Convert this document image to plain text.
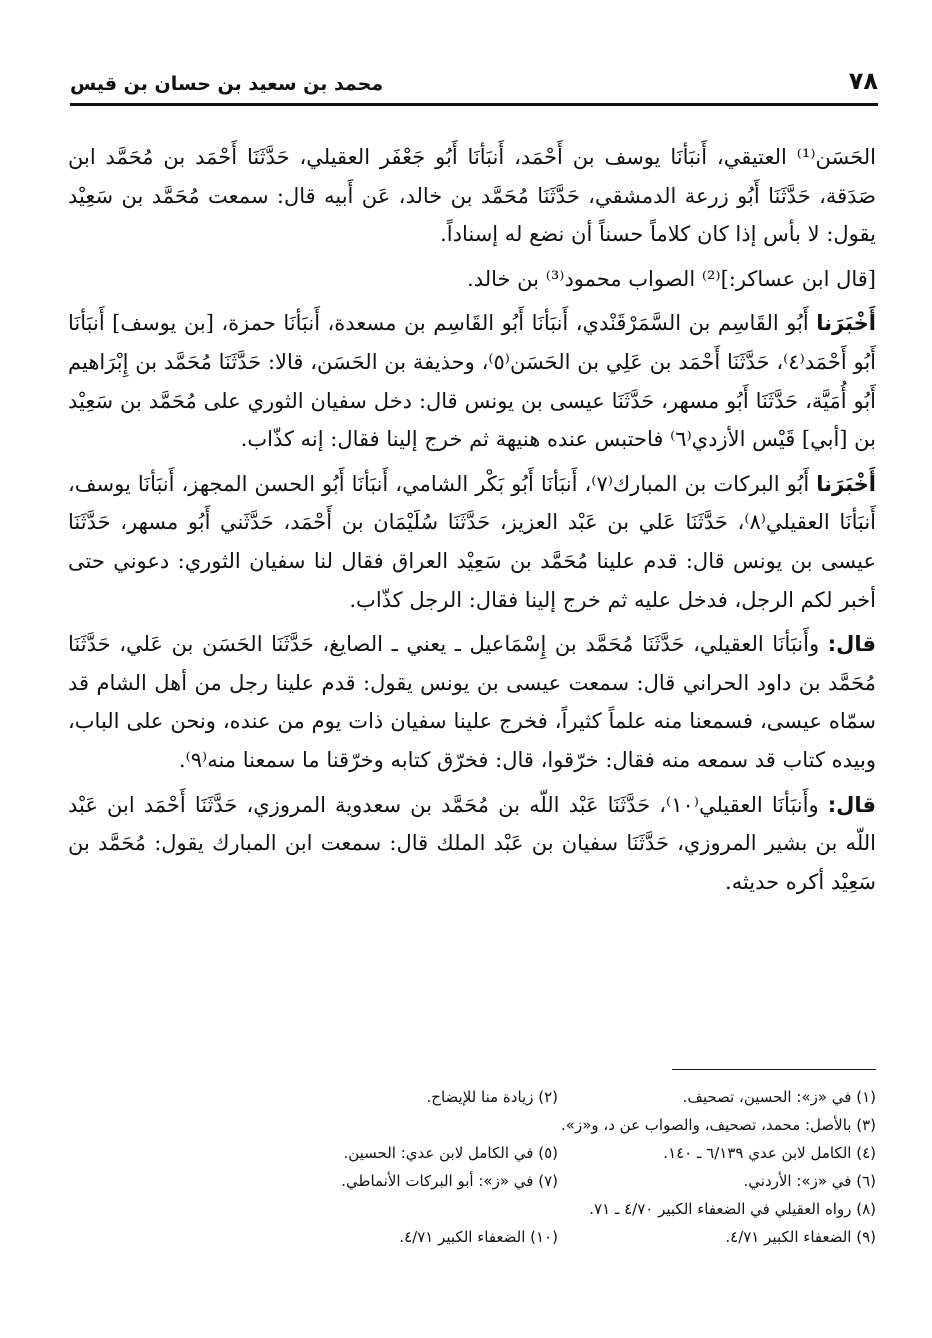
٧٨
محمد بن سعيد بن حسان بن قيس

الحَسَن⁽¹⁾ العتيقي، أَنبَأنَا يوسف بن أَحْمَد، أَنبَأنَا أَبُو جَعْفَر العقيلي، حَدَّثَنَا أَحْمَد بن مُحَمَّد ابن صَدَقة، حَدَّثَنَا أَبُو زرعة الدمشقي، حَدَّثَنَا مُحَمَّد بن خالد، عَن أَبيه قال: سمعت مُحَمَّد بن سَعِيْد يقول: لا بأس إذا كان كلاماً حسناً أن نضع له إسناداً.

[قال ابن عساكر:]⁽²⁾ الصواب محمود⁽³⁾ بن خالد.

أَخْبَرَنا أَبُو القَاسِم بن السَّمَرْقَنْدي، أَنبَأنَا أَبُو القَاسِم بن مسعدة، أَنبَأنَا حمزة، [بن يوسف] أَنبَأنَا أَبُو أَحْمَد⁽٤⁾، حَدَّثَنَا أَحْمَد بن عَلِي بن الحَسَن⁽٥⁾، وحذيفة بن الحَسَن، قالا: حَدَّثَنَا مُحَمَّد بن إِبْرَاهيم أَبُو أُمَيَّة، حَدَّثَنَا أَبُو مسهر، حَدَّثَنَا عيسى بن يونس قال: دخل سفيان الثوري على مُحَمَّد بن سَعِيْد بن [أبي] قَيْس الأزدي⁽٦⁾ فاحتبس عنده هنيهة ثم خرج إلينا فقال: إنه كذّاب.

أَخْبَرَنا أَبُو البركات بن المبارك⁽٧⁾، أَنبَأنَا أَبُو بَكْر الشامي، أَنبَأنَا أَبُو الحسن المجهز، أَنبَأنَا يوسف، أَنبَأنَا العقيلي⁽٨⁾، حَدَّثَنَا عَلي بن عَبْد العزيز، حَدَّثَنَا سُلَيْمَان بن أَحْمَد، حَدَّثَني أَبُو مسهر، حَدَّثَنَا عيسى بن يونس قال: قدم علينا مُحَمَّد بن سَعِيْد العراق فقال لنا سفيان الثوري: دعوني حتى أخبر لكم الرجل، فدخل عليه ثم خرج إلينا فقال: الرجل كذّاب.

قال: وأَنبَأنَا العقيلي، حَدَّثَنَا مُحَمَّد بن إِسْمَاعيل ـ يعني ـ الصايغ، حَدَّثَنَا الحَسَن بن عَلي، حَدَّثَنَا مُحَمَّد بن داود الحراني قال: سمعت عيسى بن يونس يقول: قدم علينا رجل من أهل الشام قد سمّاه عيسى، فسمعنا منه علماً كثيراً، فخرج علينا سفيان ذات يوم من عنده، ونحن على الباب، وبيده كتاب قد سمعه منه فقال: خرّقوا، قال: فخرّق كتابه وخرّقنا ما سمعنا منه⁽٩⁾.

قال: وأَنبَأنَا العقيلي⁽١٠⁾، حَدَّثَنَا عَبْد اللّه بن مُحَمَّد بن سعدوية المروزي، حَدَّثَنَا أَحْمَد ابن عَبْد اللّه بن بشير المروزي، حَدَّثَنَا سفيان بن عَبْد الملك قال: سمعت ابن المبارك يقول: مُحَمَّد بن سَعِيْد أكره حديثه.

(١) في «ز»: الحسين، تصحيف.
(٢) زيادة منا للإيضاح.
(٣) بالأصل: محمد، تصحيف، والصواب عن د، و«ز».
(٤) الكامل لابن عدي ٦/١٣٩ ـ ١٤٠.
(٥) في الكامل لابن عدي: الحسين.
(٦) في «ز»: الأردني.
(٧) في «ز»: أبو البركات الأنماطي.
(٨) رواه العقيلي في الضعفاء الكبير ٤/٧٠ ـ ٧١.
(٩) الضعفاء الكبير ٤/٧١.
(١٠) الضعفاء الكبير ٤/٧١.
